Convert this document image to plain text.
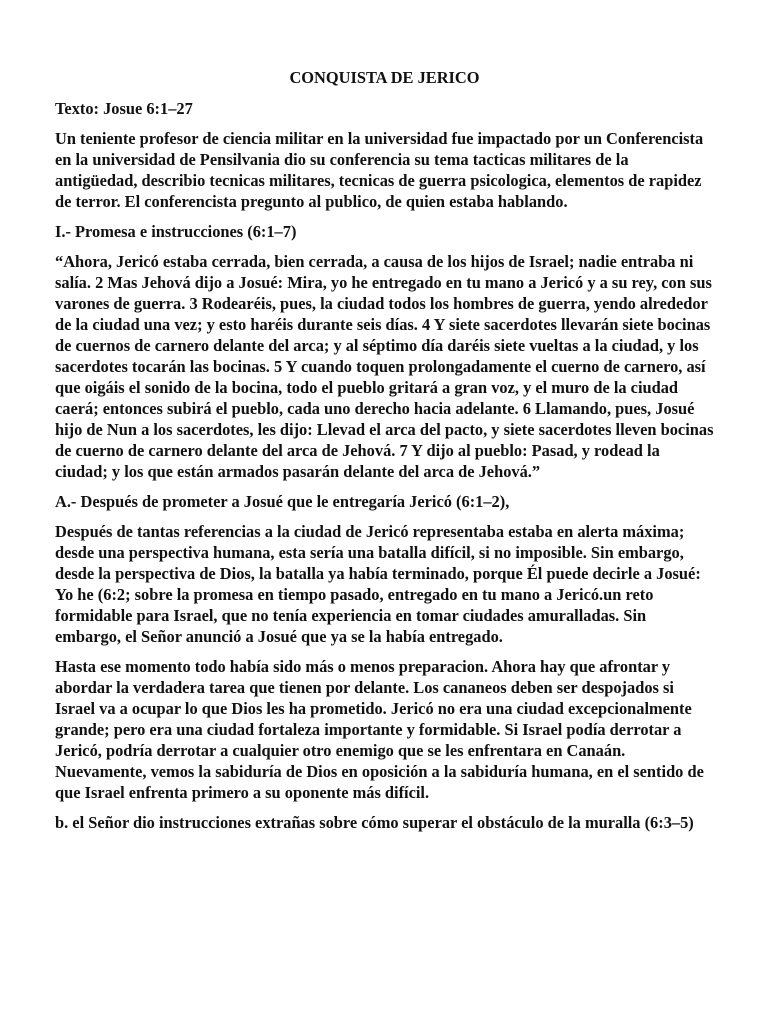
CONQUISTA DE JERICO
Texto: Josue 6:1–27
Un teniente profesor de ciencia militar en la universidad fue impactado por un Conferencista en la universidad de Pensilvania dio su conferencia su tema tacticas militares de la antigüedad, describio tecnicas militares, tecnicas de guerra psicologica, elementos de rapidez de terror. El conferencista pregunto al publico, de quien estaba hablando.
I.- Promesa e instrucciones (6:1–7)
“Ahora, Jericó estaba cerrada, bien cerrada, a causa de los hijos de Israel; nadie entraba ni salía. 2 Mas Jehová dijo a Josué: Mira, yo he entregado en tu mano a Jericó y a su rey, con sus varones de guerra. 3 Rodearéis, pues, la ciudad todos los hombres de guerra, yendo alrededor de la ciudad una vez; y esto haréis durante seis días. 4 Y siete sacerdotes llevarán siete bocinas de cuernos de carnero delante del arca; y al séptimo día daréis siete vueltas a la ciudad, y los sacerdotes tocarán las bocinas. 5 Y cuando toquen prolongadamente el cuerno de carnero, así que oigáis el sonido de la bocina, todo el pueblo gritará a gran voz, y el muro de la ciudad caerá; entonces subirá el pueblo, cada uno derecho hacia adelante. 6 Llamando, pues, Josué hijo de Nun a los sacerdotes, les dijo: Llevad el arca del pacto, y siete sacerdotes lleven bocinas de cuerno de carnero delante del arca de Jehová. 7 Y dijo al pueblo: Pasad, y rodead la ciudad; y los que están armados pasarán delante del arca de Jehová.”
A.- Después de prometer a Josué que le entregaría Jericó (6:1–2),
Después de tantas referencias a la ciudad de Jericó representaba estaba en alerta máxima; desde una perspectiva humana, esta sería una batalla difícil, si no imposible. Sin embargo, desde la perspectiva de Dios, la batalla ya había terminado, porque Él puede decirle a Josué: Yo he (6:2; sobre la promesa en tiempo pasado, entregado en tu mano a Jericó.un reto formidable para Israel, que no tenía experiencia en tomar ciudades amuralladas. Sin embargo, el Señor anunció a Josué que ya se la había entregado.
Hasta ese momento todo había sido más o menos preparacion. Ahora hay que afrontar y abordar la verdadera tarea que tienen por delante. Los cananeos deben ser despojados si Israel va a ocupar lo que Dios les ha prometido. Jericó no era una ciudad excepcionalmente grande; pero era una ciudad fortaleza importante y formidable. Si Israel podía derrotar a Jericó, podría derrotar a cualquier otro enemigo que se les enfrentara en Canaán. Nuevamente, vemos la sabiduría de Dios en oposición a la sabiduría humana, en el sentido de que Israel enfrenta primero a su oponente más difícil.
b. el Señor dio instrucciones extrañas sobre cómo superar el obstáculo de la muralla (6:3–5)
